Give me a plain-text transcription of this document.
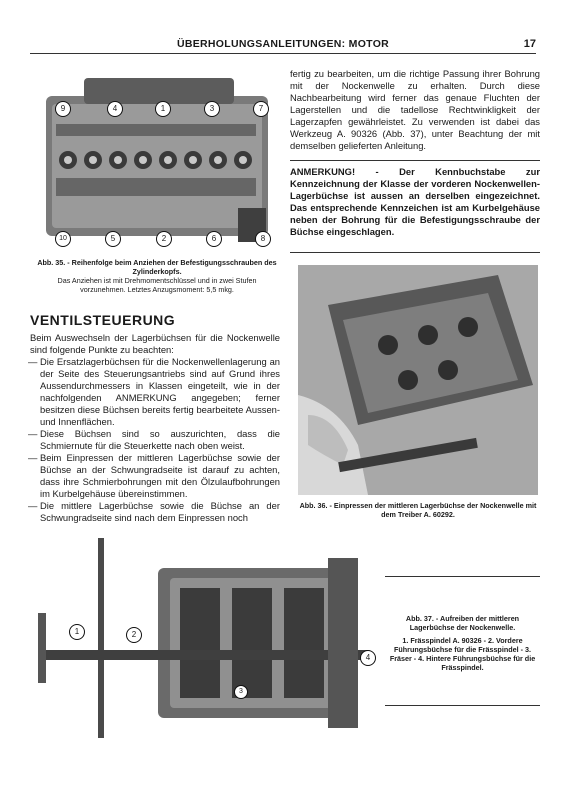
ÜBERHOLUNGSANLEITUNGEN: MOTOR	17
9	4	1	3	7
10	5	2	6	8
Abb. 35. - Reihenfolge beim Anziehen der Befestigungsschrauben des Zylinderkopfs.
Das Anziehen ist mit Drehmomentschlüssel und in zwei Stufen vorzunehmen. Letztes Anzugsmoment: 5,5 mkg.
fertig zu bearbeiten, um die richtige Passung ihrer Bohrung mit der Nockenwelle zu erhalten. Durch diese Nachbearbeitung wird ferner das genaue Fluchten der Lagerstellen und die tadellose Rechtwinkligkeit der Lagerzapfen gewährleistet. Zu verwenden ist dabei das Werkzeug A. 90326 (Abb. 37), unter Beachtung der mit demselben gelieferten Anleitung.
ANMERKUNG! - Der Kennbuchstabe zur Kennzeichnung der Klasse der vorderen Nockenwellen-Lagerbüchse ist aussen an derselben eingezeichnet. Das entsprechende Kennzeichen ist am Kurbelgehäuse neben der Bohrung für die Befestigungsschraube der Büchse eingeschlagen.
VENTILSTEUERUNG
Beim Auswechseln der Lagerbüchsen für die Nockenwelle sind folgende Punkte zu beachten:
— Die Ersatzlagerbüchsen für die Nockenwellenlagerung an der Seite des Steuerungsantriebs sind auf Grund ihres Aussendurchmessers in Klassen eingeteilt, wie in der nachfolgenden ANMERKUNG angegeben; ferner besitzen diese Büchsen bereits fertig bearbeitete Aussen- und Innenflächen.
— Diese Büchsen sind so auszurichten, dass die Schmiernute für die Steuerkette nach oben weist.
— Beim Einpressen der mittleren Lagerbüchse sowie der Büchse an der Schwungradseite ist darauf zu achten, dass ihre Schmierbohrungen mit den Ölzulaufbohrungen im Kurbelgehäuse übereinstimmen.
— Die mittlere Lagerbüchse sowie die Büchse an der Schwungradseite sind nach dem Einpressen noch
Abb. 36. - Einpressen der mittleren Lagerbüchse der Nockenwelle mit dem Treiber A. 60292.
1	2
3
4
Abb. 37. - Aufreiben der mittleren Lagerbüchse der Nockenwelle.
1. Frässpindel A. 90326 - 2. Vordere Führungsbüchse für die Frässpindel - 3. Fräser - 4. Hintere Führungsbüchse für die Frässpindel.
